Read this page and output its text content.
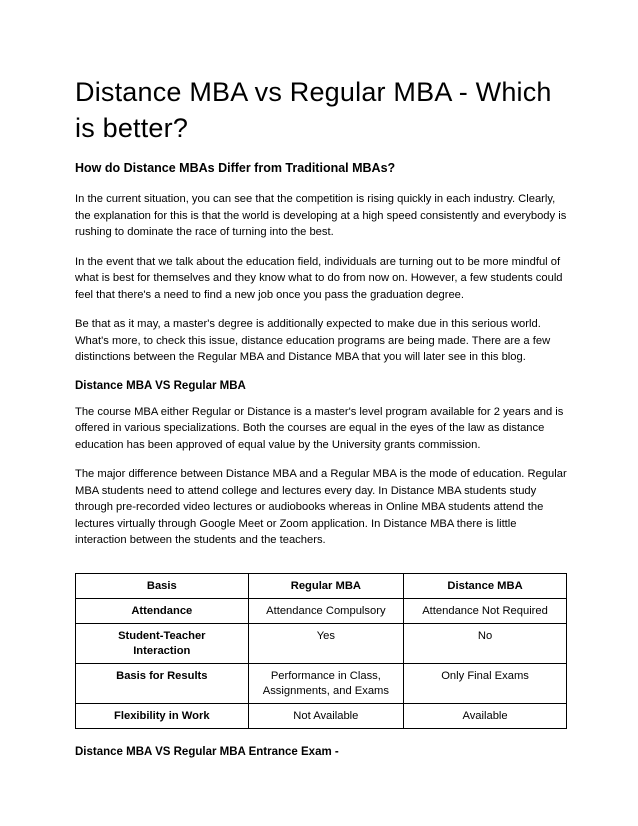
Distance MBA vs Regular MBA - Which is better?
How do Distance MBAs Differ from Traditional MBAs?

In the current situation, you can see that the competition is rising quickly in each industry. Clearly, the explanation for this is that the world is developing at a high speed consistently and everybody is rushing to dominate the race of turning into the best.

In the event that we talk about the education field, individuals are turning out to be more mindful of what is best for themselves and they know what to do from now on. However, a few students could feel that there's a need to find a new job once you pass the graduation degree.

Be that as it may, a master's degree is additionally expected to make due in this serious world. What's more, to check this issue, distance education programs are being made. There are a few distinctions between the Regular MBA and Distance MBA that you will later see in this blog.

Distance MBA VS Regular MBA

The course MBA either Regular or Distance is a master's level program available for 2 years and is offered in various specializations. Both the courses are equal in the eyes of the law as distance education has been approved of equal value by the University grants commission.

The major difference between Distance MBA and a Regular MBA is the mode of education. Regular MBA students need to attend college and lectures every day. In Distance MBA students study through pre-recorded video lectures or audiobooks whereas in Online MBA students attend the lectures virtually through Google Meet or Zoom application. In Distance MBA there is little interaction between the students and the teachers.

Basis	Regular MBA	Distance MBA
Attendance	Attendance Compulsory	Attendance Not Required
Student-Teacher Interaction	Yes	No
Basis for Results	Performance in Class, Assignments, and Exams	Only Final Exams
Flexibility in Work	Not Available	Available
Distance MBA VS Regular MBA Entrance Exam -
